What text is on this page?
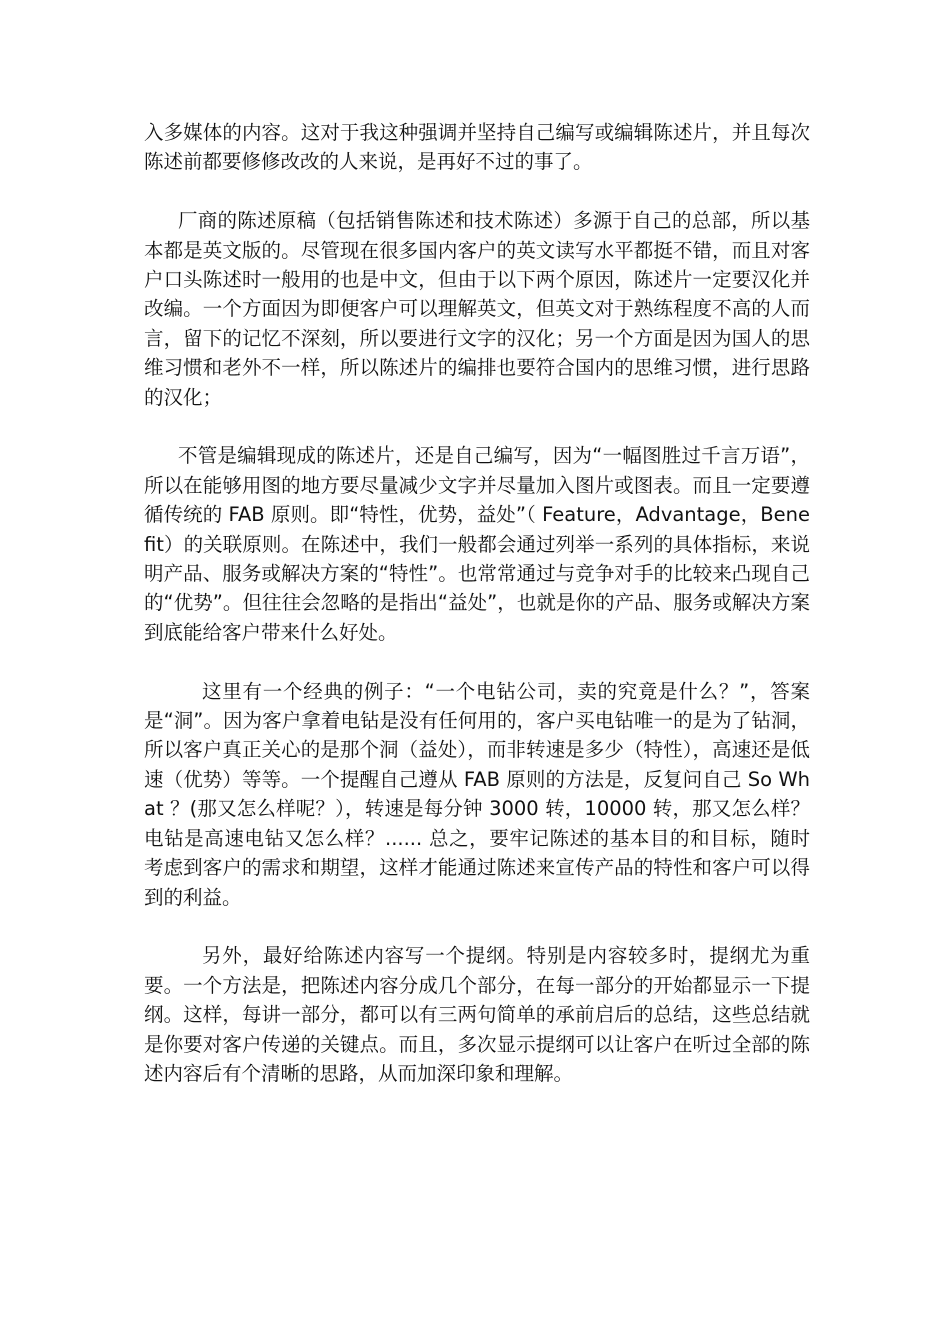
入多媒体的内容。这对于我这种强调并坚持自己编写或编辑陈述片，并且每次陈述前都要修修改改的人来说，是再好不过的事了。

厂商的陈述原稿（包括销售陈述和技术陈述）多源于自己的总部，所以基本都是英文版的。尽管现在很多国内客户的英文读写水平都挺不错，而且对客户口头陈述时一般用的也是中文，但由于以下两个原因，陈述片一定要汉化并改编。一个方面因为即便客户可以理解英文，但英文对于熟练程度不高的人而言，留下的记忆不深刻，所以要进行文字的汉化；另一个方面是因为国人的思维习惯和老外不一样，所以陈述片的编排也要符合国内的思维习惯，进行思路的汉化；

不管是编辑现成的陈述片，还是自己编写，因为“一幅图胜过千言万语”，所以在能够用图的地方要尽量减少文字并尽量加入图片或图表。而且一定要遵循传统的 FAB 原则。即“特性，优势，益处”（ Feature，Advantage，Benefit）的关联原则。在陈述中，我们一般都会通过列举一系列的具体指标，来说明产品、服务或解决方案的“特性”。也常常通过与竞争对手的比较来凸现自己的“优势”。但往往会忽略的是指出“益处”，也就是你的产品、服务或解决方案到底能给客户带来什么好处。

这里有一个经典的例子：“一个电钻公司，卖的究竟是什么？”，答案是“洞”。因为客户拿着电钻是没有任何用的，客户买电钻唯一的是为了钻洞，所以客户真正关心的是那个洞（益处），而非转速是多少（特性），高速还是低速（优势）等等。一个提醒自己遵从 FAB 原则的方法是，反复问自己 So What ？(那又怎么样呢？），转速是每分钟 3000 转，10000 转，那又怎么样？电钻是高速电钻又怎么样？...... 总之，要牢记陈述的基本目的和目标，随时考虑到客户的需求和期望，这样才能通过陈述来宣传产品的特性和客户可以得到的利益。

另外，最好给陈述内容写一个提纲。特别是内容较多时，提纲尤为重要。一个方法是，把陈述内容分成几个部分，在每一部分的开始都显示一下提纲。这样，每讲一部分，都可以有三两句简单的承前启后的总结，这些总结就是你要对客户传递的关键点。而且，多次显示提纲可以让客户在听过全部的陈述内容后有个清晰的思路，从而加深印象和理解。
